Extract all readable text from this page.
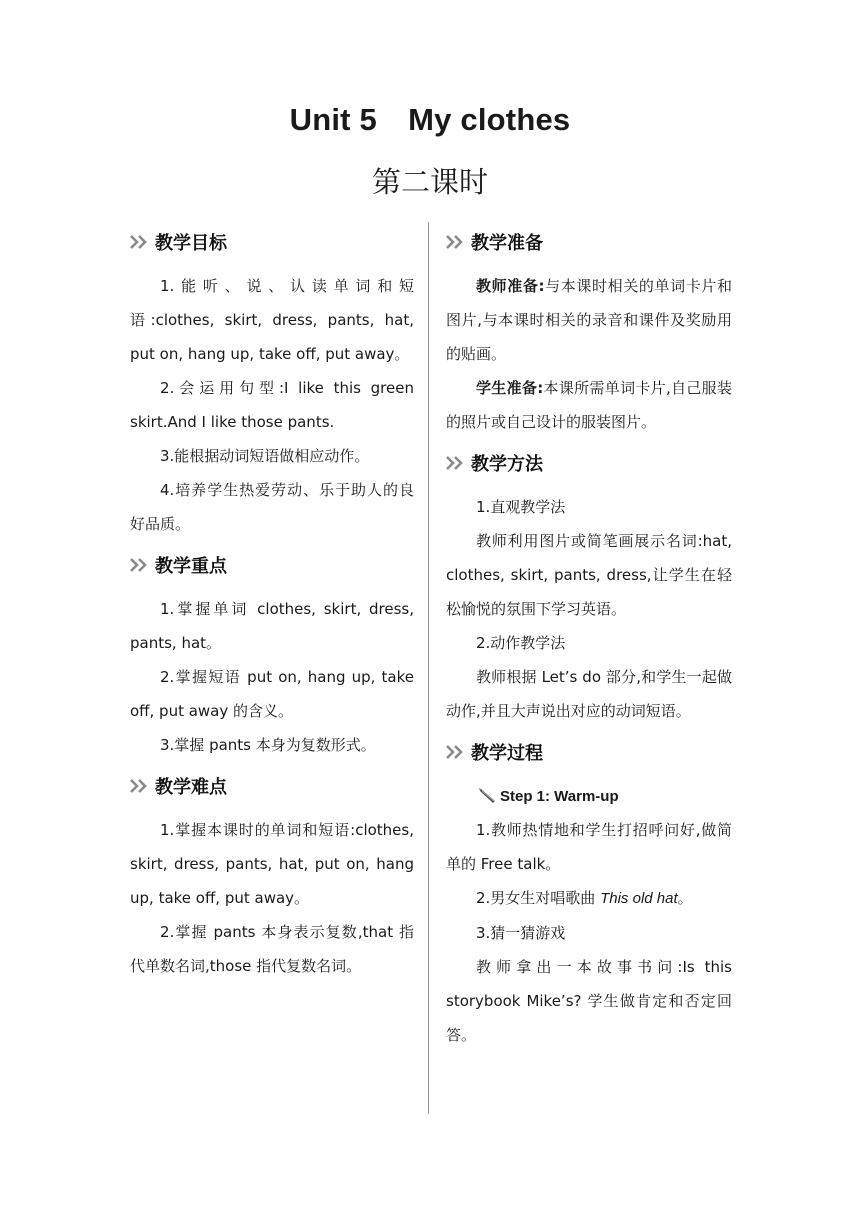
Unit 5 My clothes
第二课时
教学目标

1.能听、说、认读单词和短语:clothes, skirt, dress, pants, hat, put on, hang up, take off, put away。

2.会运用句型:I like this green skirt.And I like those pants.

3.能根据动词短语做相应动作。

4.培养学生热爱劳动、乐于助人的良好品质。

教学重点

1.掌握单词 clothes, skirt, dress, pants, hat。

2.掌握短语 put on, hang up, take off, put away 的含义。

3.掌握 pants 本身为复数形式。

教学难点

1.掌握本课时的单词和短语:clothes, skirt, dress, pants, hat, put on, hang up, take off, put away。

2.掌握 pants 本身表示复数,that 指代单数名词,those 指代复数名词。

教学准备

教师准备:与本课时相关的单词卡片和图片,与本课时相关的录音和课件及奖励用的贴画。

学生准备:本课所需单词卡片,自己服装的照片或自己设计的服装图片。

教学方法

1.直观教学法

教师利用图片或简笔画展示名词:hat, clothes, skirt, pants, dress,让学生在轻松愉悦的氛围下学习英语。

2.动作教学法

教师根据 Let’s do 部分,和学生一起做动作,并且大声说出对应的动词短语。

教学过程
Step 1: Warm-up

1.教师热情地和学生打招呼问好,做简单的 Free talk。

2.男女生对唱歌曲 This old hat。

3.猜一猜游戏

教师拿出一本故事书问:Is this storybook Mike’s? 学生做肯定和否定回答。
